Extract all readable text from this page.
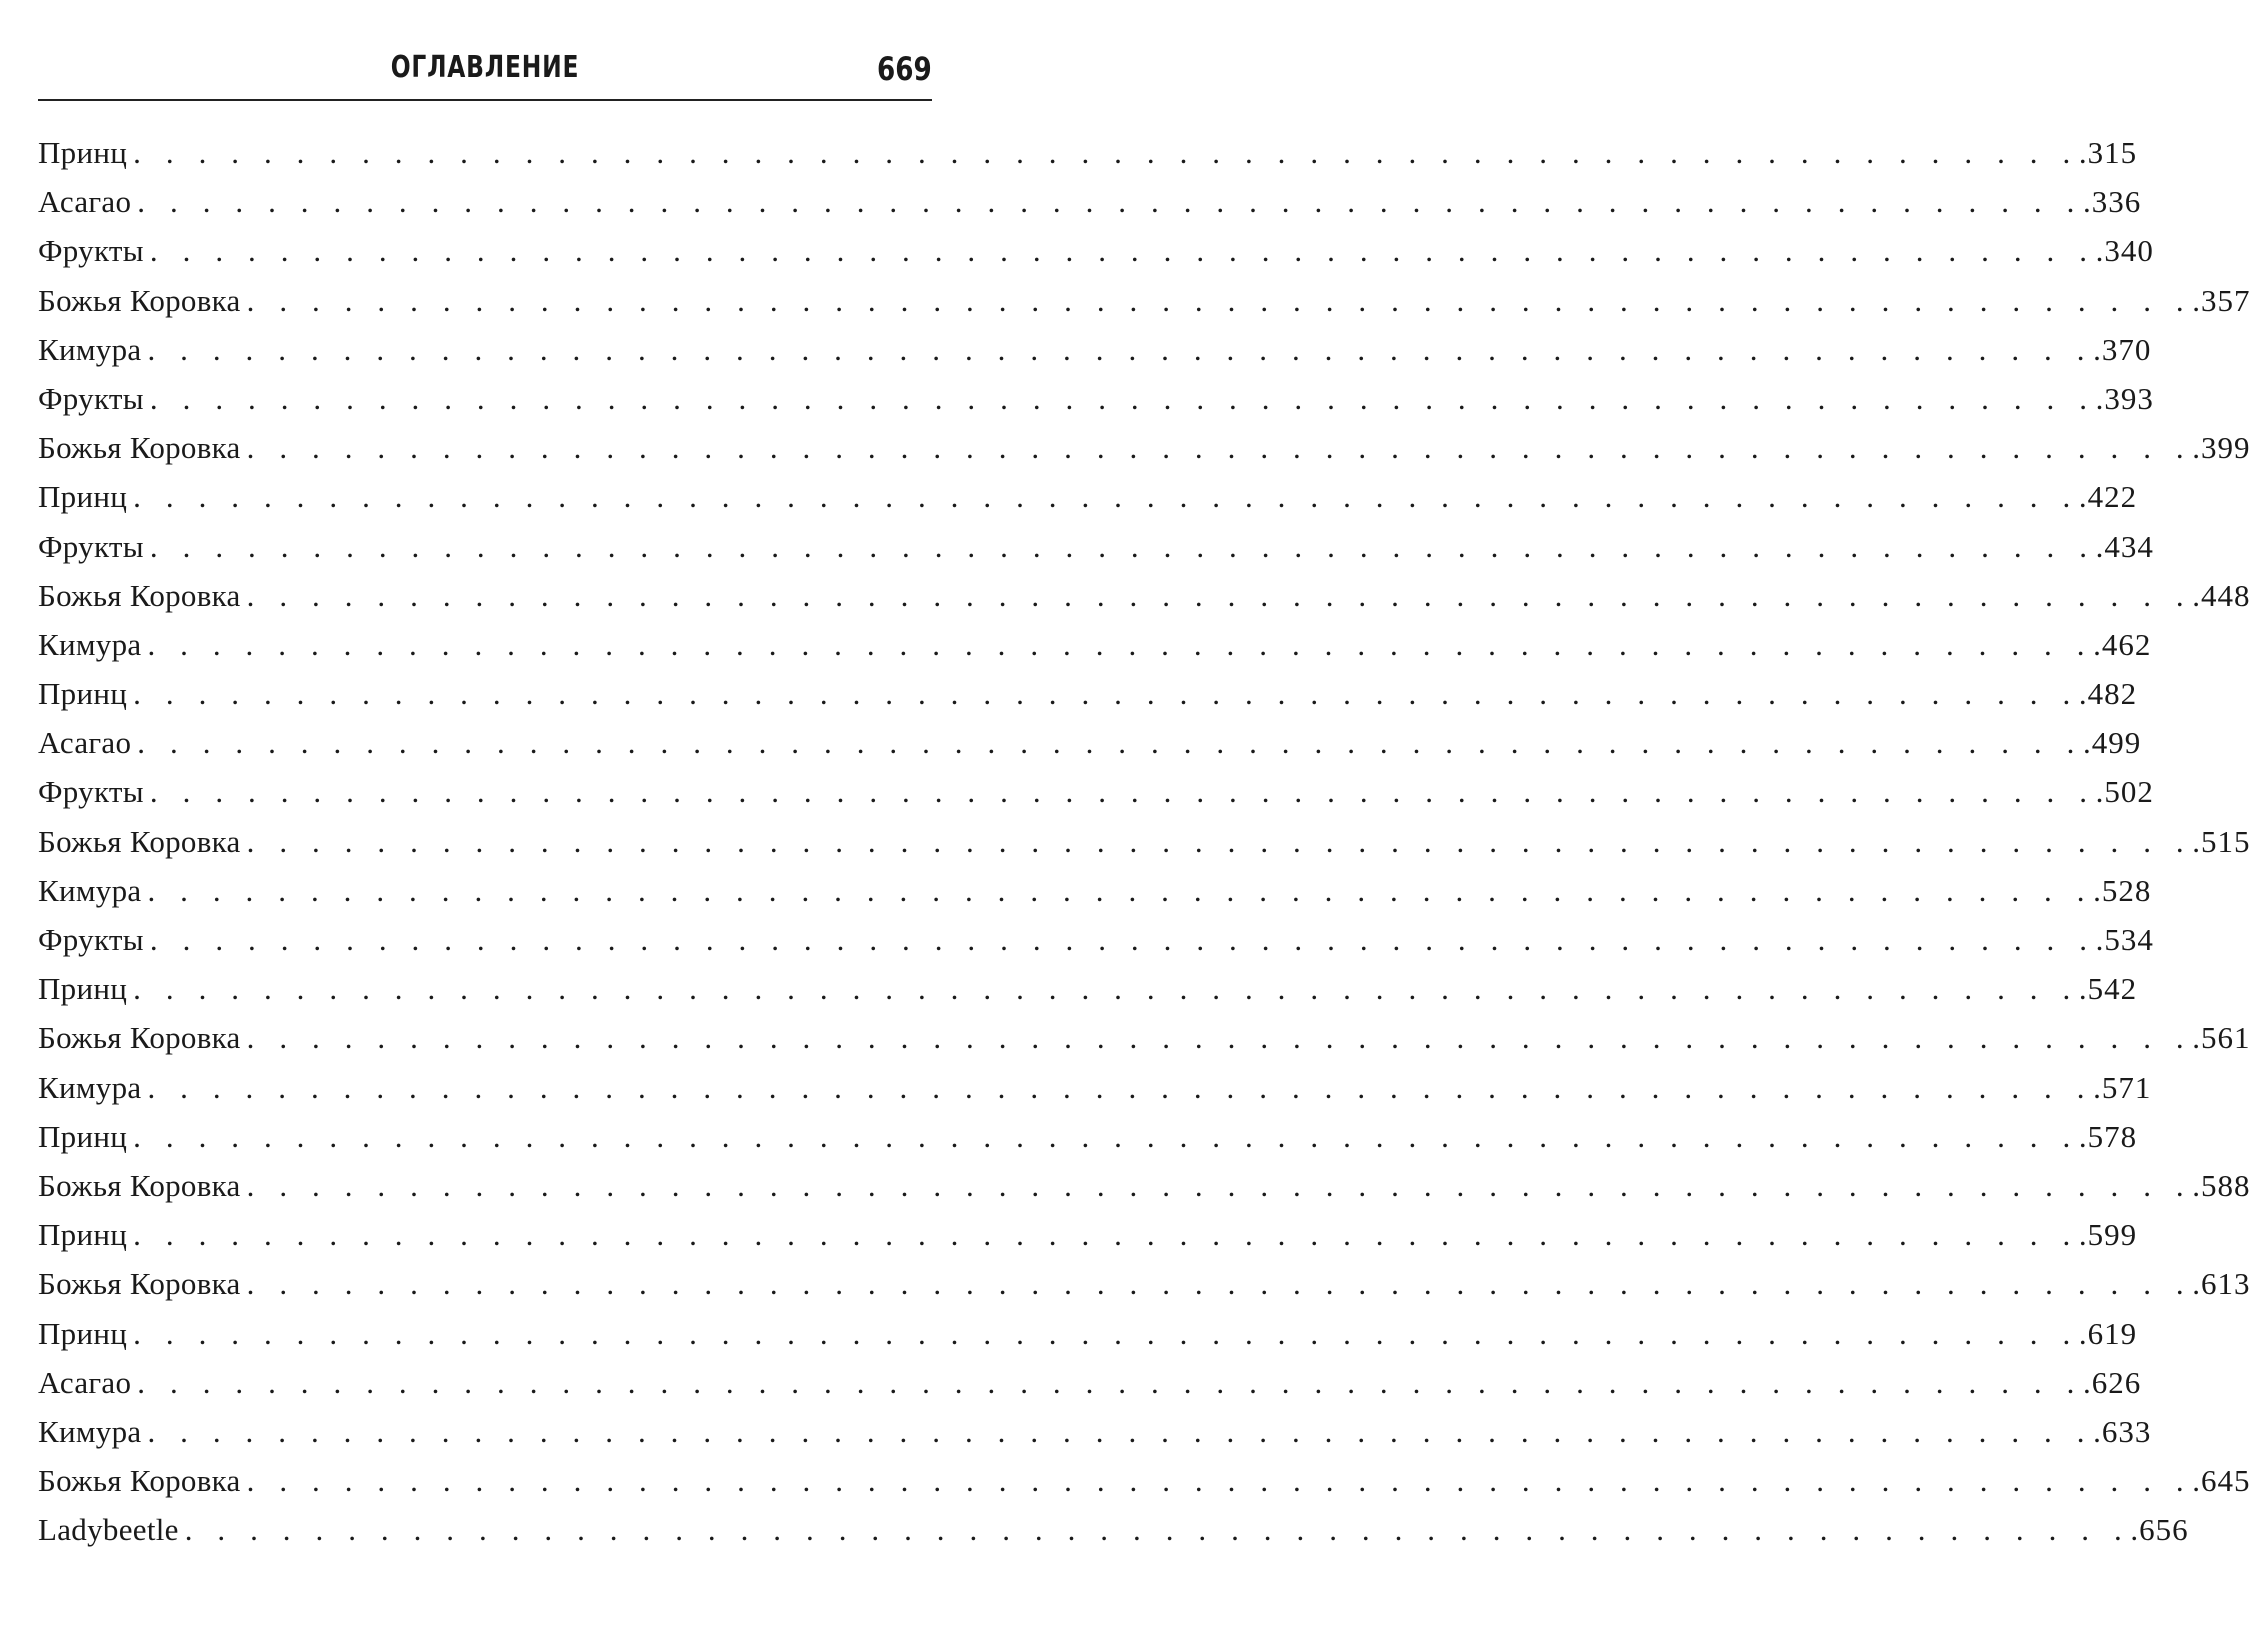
ОГЛАВЛЕНИЕ	669
Принц . . . . . . . . . . . . . . . . . . . . . . . . . . . . . . . . . . . . . . . . . . . . . . . . . . . . . . . . . . . . .315
Асагао . . . . . . . . . . . . . . . . . . . . . . . . . . . . . . . . . . . . . . . . . . . . . . . . . . . . . . . . . . . . .336
Фрукты . . . . . . . . . . . . . . . . . . . . . . . . . . . . . . . . . . . . . . . . . . . . . . . . . . . . . . . . . . . . .340
Божья Коровка . . . . . . . . . . . . . . . . . . . . . . . . . . . . . . . . . . . . . . . . . . . . . . . . . . . . . . . . . . . . .357
Кимура . . . . . . . . . . . . . . . . . . . . . . . . . . . . . . . . . . . . . . . . . . . . . . . . . . . . . . . . . . . . .370
Фрукты . . . . . . . . . . . . . . . . . . . . . . . . . . . . . . . . . . . . . . . . . . . . . . . . . . . . . . . . . . . . .393
Божья Коровка . . . . . . . . . . . . . . . . . . . . . . . . . . . . . . . . . . . . . . . . . . . . . . . . . . . . . . . . . . . . .399
Принц . . . . . . . . . . . . . . . . . . . . . . . . . . . . . . . . . . . . . . . . . . . . . . . . . . . . . . . . . . . . .422
Фрукты . . . . . . . . . . . . . . . . . . . . . . . . . . . . . . . . . . . . . . . . . . . . . . . . . . . . . . . . . . . . .434
Божья Коровка . . . . . . . . . . . . . . . . . . . . . . . . . . . . . . . . . . . . . . . . . . . . . . . . . . . . . . . . . . . . .448
Кимура . . . . . . . . . . . . . . . . . . . . . . . . . . . . . . . . . . . . . . . . . . . . . . . . . . . . . . . . . . . . .462
Принц . . . . . . . . . . . . . . . . . . . . . . . . . . . . . . . . . . . . . . . . . . . . . . . . . . . . . . . . . . . . .482
Асагао . . . . . . . . . . . . . . . . . . . . . . . . . . . . . . . . . . . . . . . . . . . . . . . . . . . . . . . . . . . . .499
Фрукты . . . . . . . . . . . . . . . . . . . . . . . . . . . . . . . . . . . . . . . . . . . . . . . . . . . . . . . . . . . . .502
Божья Коровка . . . . . . . . . . . . . . . . . . . . . . . . . . . . . . . . . . . . . . . . . . . . . . . . . . . . . . . . . . . . .515
Кимура . . . . . . . . . . . . . . . . . . . . . . . . . . . . . . . . . . . . . . . . . . . . . . . . . . . . . . . . . . . . .528
Фрукты . . . . . . . . . . . . . . . . . . . . . . . . . . . . . . . . . . . . . . . . . . . . . . . . . . . . . . . . . . . . .534
Принц . . . . . . . . . . . . . . . . . . . . . . . . . . . . . . . . . . . . . . . . . . . . . . . . . . . . . . . . . . . . .542
Божья Коровка . . . . . . . . . . . . . . . . . . . . . . . . . . . . . . . . . . . . . . . . . . . . . . . . . . . . . . . . . . . . .561
Кимура . . . . . . . . . . . . . . . . . . . . . . . . . . . . . . . . . . . . . . . . . . . . . . . . . . . . . . . . . . . . .571
Принц . . . . . . . . . . . . . . . . . . . . . . . . . . . . . . . . . . . . . . . . . . . . . . . . . . . . . . . . . . . . .578
Божья Коровка . . . . . . . . . . . . . . . . . . . . . . . . . . . . . . . . . . . . . . . . . . . . . . . . . . . . . . . . . . . . .588
Принц . . . . . . . . . . . . . . . . . . . . . . . . . . . . . . . . . . . . . . . . . . . . . . . . . . . . . . . . . . . . .599
Божья Коровка . . . . . . . . . . . . . . . . . . . . . . . . . . . . . . . . . . . . . . . . . . . . . . . . . . . . . . . . . . . . .613
Принц . . . . . . . . . . . . . . . . . . . . . . . . . . . . . . . . . . . . . . . . . . . . . . . . . . . . . . . . . . . . .619
Асагао . . . . . . . . . . . . . . . . . . . . . . . . . . . . . . . . . . . . . . . . . . . . . . . . . . . . . . . . . . . . .626
Кимура . . . . . . . . . . . . . . . . . . . . . . . . . . . . . . . . . . . . . . . . . . . . . . . . . . . . . . . . . . . . .633
Божья Коровка . . . . . . . . . . . . . . . . . . . . . . . . . . . . . . . . . . . . . . . . . . . . . . . . . . . . . . . . . . . . .645
Ladybeetle . . . . . . . . . . . . . . . . . . . . . . . . . . . . . . . . . . . . . . . . . . . . . . . . . . . . . . . . . . . . .656
